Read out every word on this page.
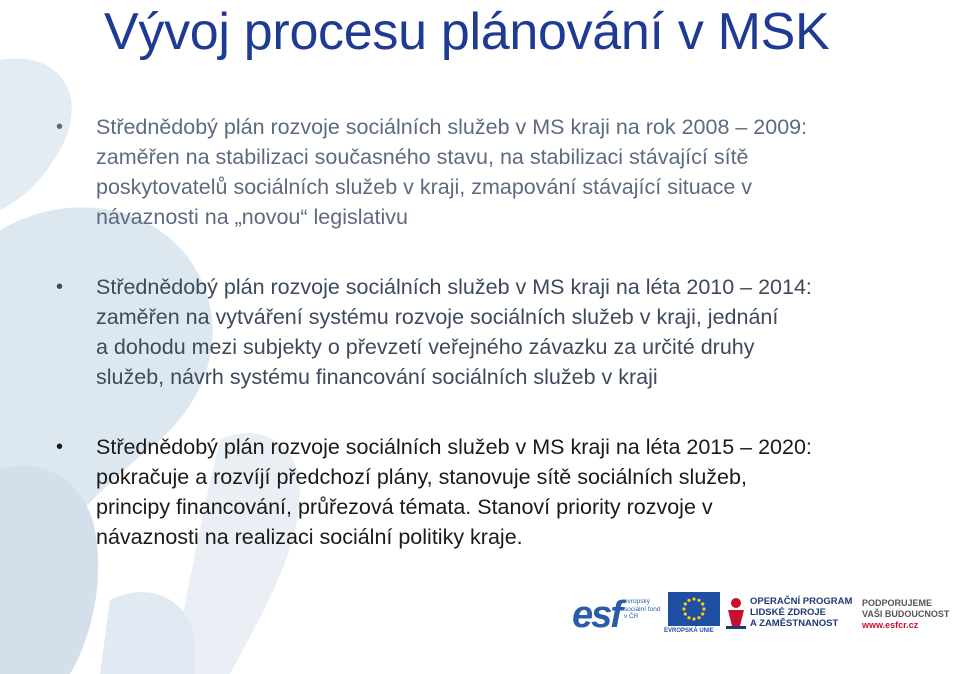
Vývoj procesu plánování v MSK
• Střednědobý plán rozvoje sociálních služeb v MS kraji na rok 2008 – 2009:
zaměřen na stabilizaci současného stavu, na stabilizaci stávající sítě
poskytovatelů sociálních služeb v kraji, zmapování stávající situace v
návaznosti na „novou“ legislativu
• Střednědobý plán rozvoje sociálních služeb v MS kraji na léta 2010 – 2014:
zaměřen na vytváření systému rozvoje sociálních služeb v kraji, jednání
a dohodu mezi subjekty o převzetí veřejného závazku za určité druhy
služeb, návrh systému financování sociálních služeb v kraji
• Střednědobý plán rozvoje sociálních služeb v MS kraji na léta 2015 – 2020:
pokračuje a rozvíjí předchozí plány, stanovuje sítě sociálních služeb,
principy financování, průřezová témata. Stanoví priority rozvoje v
návaznosti na realizaci sociální politiky kraje.
esf evropský sociální fond v ČR
EVROPSKÁ UNIE
OPERAČNÍ PROGRAM
LIDSKÉ ZDROJE
A ZAMĚSTNANOST
PODPORUJEME
VAŠI BUDOUCNOST
www.esfcr.cz
